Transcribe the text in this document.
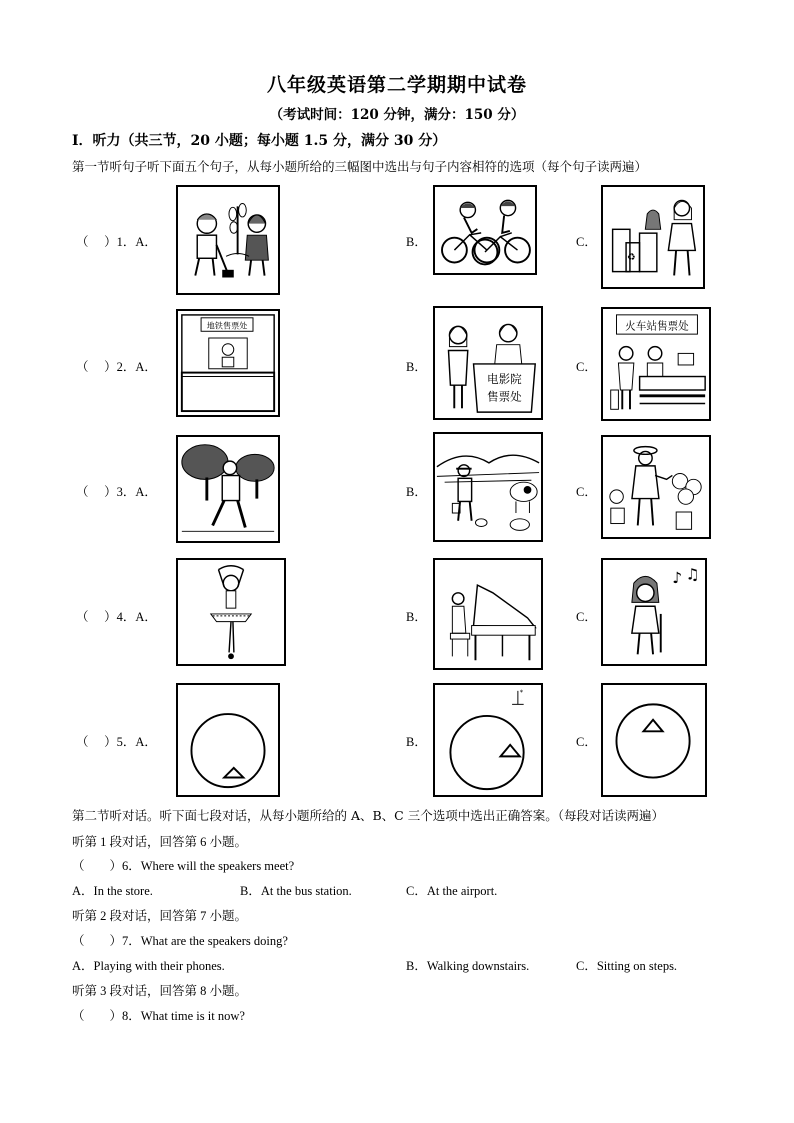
八年级英语第二学期期中试卷
（考试时间：120 分钟，满分：150 分）
Ⅰ．听力（共三节，20 小题；每小题 1.5 分，满分 30 分）
第一节听句子听下面五个句子，从每小题所给的三幅图中选出与句子内容相符的选项（每个句子读两遍）
（　 ）1．A．	B．	C．
♻
（　 ）2．A．
地铁售票处
B．
电影院
售票处
C．
火车站售票处
（　 ）3．A．	B．	C．
（　 ）4．A．	B．	C．
♪ ♫
（　 ）5．A．	B．
*
C．
第二节听对话。听下面七段对话，从每小题所给的 A、B、C 三个选项中选出正确答案。（每段对话读两遍）
听第 1 段对话，回答第 6 小题。
（　　）6．Where will the speakers meet?
A．In the store.	B．At the bus station.	C．At the airport.
听第 2 段对话，回答第 7 小题。
（　　）7．What are the speakers doing?
A．Playing with their phones.	B．Walking downstairs.	C．Sitting on steps.
听第 3 段对话，回答第 8 小题。
（　　）8．What time is it now?
